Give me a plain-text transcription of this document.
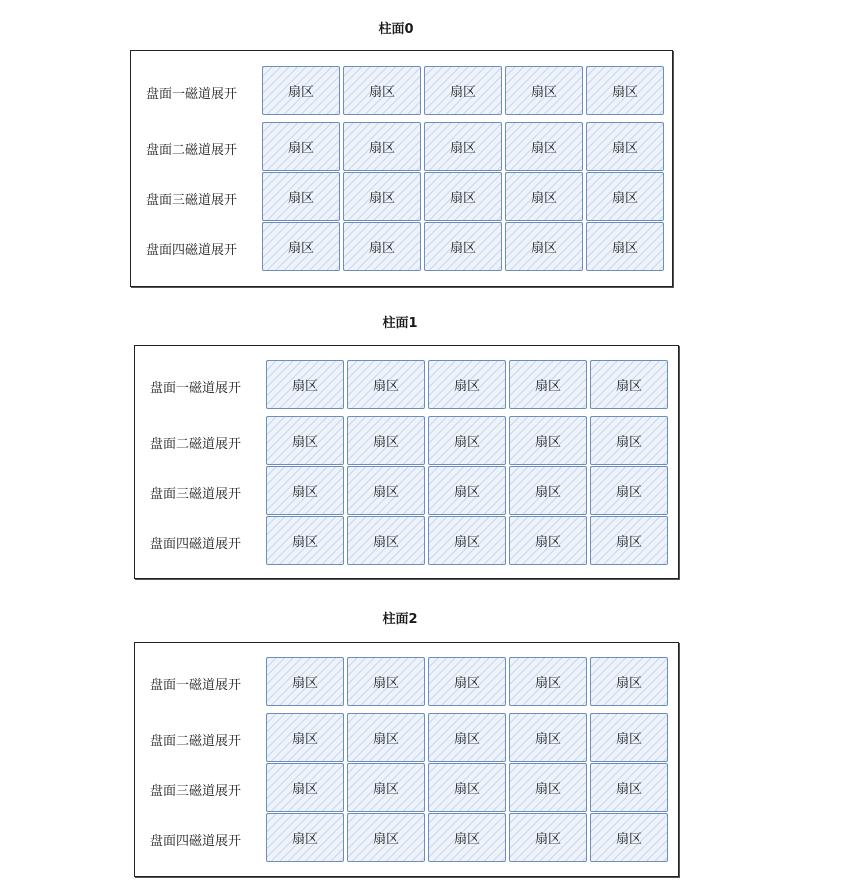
柱面0
盘面一磁道展开	扇区	扇区	扇区	扇区	扇区
盘面二磁道展开	扇区	扇区	扇区	扇区	扇区
盘面三磁道展开	扇区	扇区	扇区	扇区	扇区
盘面四磁道展开	扇区	扇区	扇区	扇区	扇区
柱面1
盘面一磁道展开	扇区	扇区	扇区	扇区	扇区
盘面二磁道展开	扇区	扇区	扇区	扇区	扇区
盘面三磁道展开	扇区	扇区	扇区	扇区	扇区
盘面四磁道展开	扇区	扇区	扇区	扇区	扇区
柱面2
盘面一磁道展开	扇区	扇区	扇区	扇区	扇区
盘面二磁道展开	扇区	扇区	扇区	扇区	扇区
盘面三磁道展开	扇区	扇区	扇区	扇区	扇区
盘面四磁道展开	扇区	扇区	扇区	扇区	扇区
